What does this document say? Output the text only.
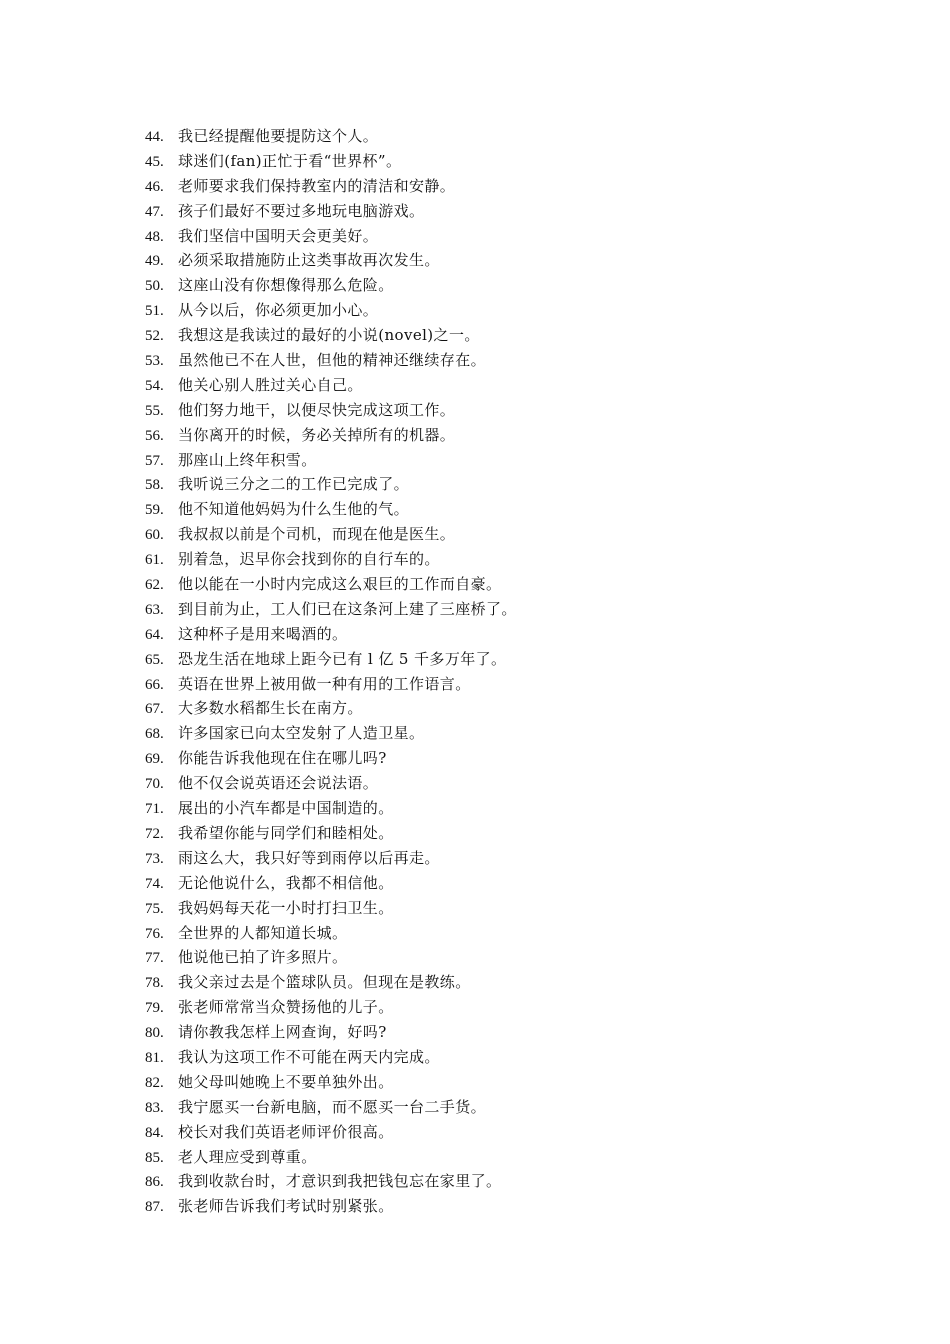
44. 我已经提醒他要提防这个人。
45. 球迷们(fan)正忙于看“世界杯”。
46. 老师要求我们保持教室内的清洁和安静。
47. 孩子们最好不要过多地玩电脑游戏。
48. 我们坚信中国明天会更美好。
49. 必须采取措施防止这类事故再次发生。
50. 这座山没有你想像得那么危险。
51. 从今以后，你必须更加小心。
52. 我想这是我读过的最好的小说(novel)之一。
53. 虽然他已不在人世，但他的精神还继续存在。
54. 他关心别人胜过关心自己。
55. 他们努力地干，以便尽快完成这项工作。
56. 当你离开的时候，务必关掉所有的机器。
57. 那座山上终年积雪。
58. 我听说三分之二的工作已完成了。
59. 他不知道他妈妈为什么生他的气。
60. 我叔叔以前是个司机，而现在他是医生。
61. 别着急，迟早你会找到你的自行车的。
62. 他以能在一小时内完成这么艰巨的工作而自豪。
63. 到目前为止，工人们已在这条河上建了三座桥了。
64. 这种杯子是用来喝酒的。
65. 恐龙生活在地球上距今已有 l 亿 5 千多万年了。
66. 英语在世界上被用做一种有用的工作语言。
67. 大多数水稻都生长在南方。
68. 许多国家已向太空发射了人造卫星。
69. 你能告诉我他现在住在哪儿吗?
70. 他不仅会说英语还会说法语。
71. 展出的小汽车都是中国制造的。
72. 我希望你能与同学们和睦相处。
73. 雨这么大，我只好等到雨停以后再走。
74. 无论他说什么，我都不相信他。
75. 我妈妈每天花一小时打扫卫生。
76. 全世界的人都知道长城。
77. 他说他已拍了许多照片。
78. 我父亲过去是个篮球队员。但现在是教练。
79. 张老师常常当众赞扬他的儿子。
80. 请你教我怎样上网查询，好吗?
81. 我认为这项工作不可能在两天内完成。
82. 她父母叫她晚上不要单独外出。
83. 我宁愿买一台新电脑，而不愿买一台二手货。
84. 校长对我们英语老师评价很高。
85. 老人理应受到尊重。
86. 我到收款台时，才意识到我把钱包忘在家里了。
87. 张老师告诉我们考试时别紧张。
